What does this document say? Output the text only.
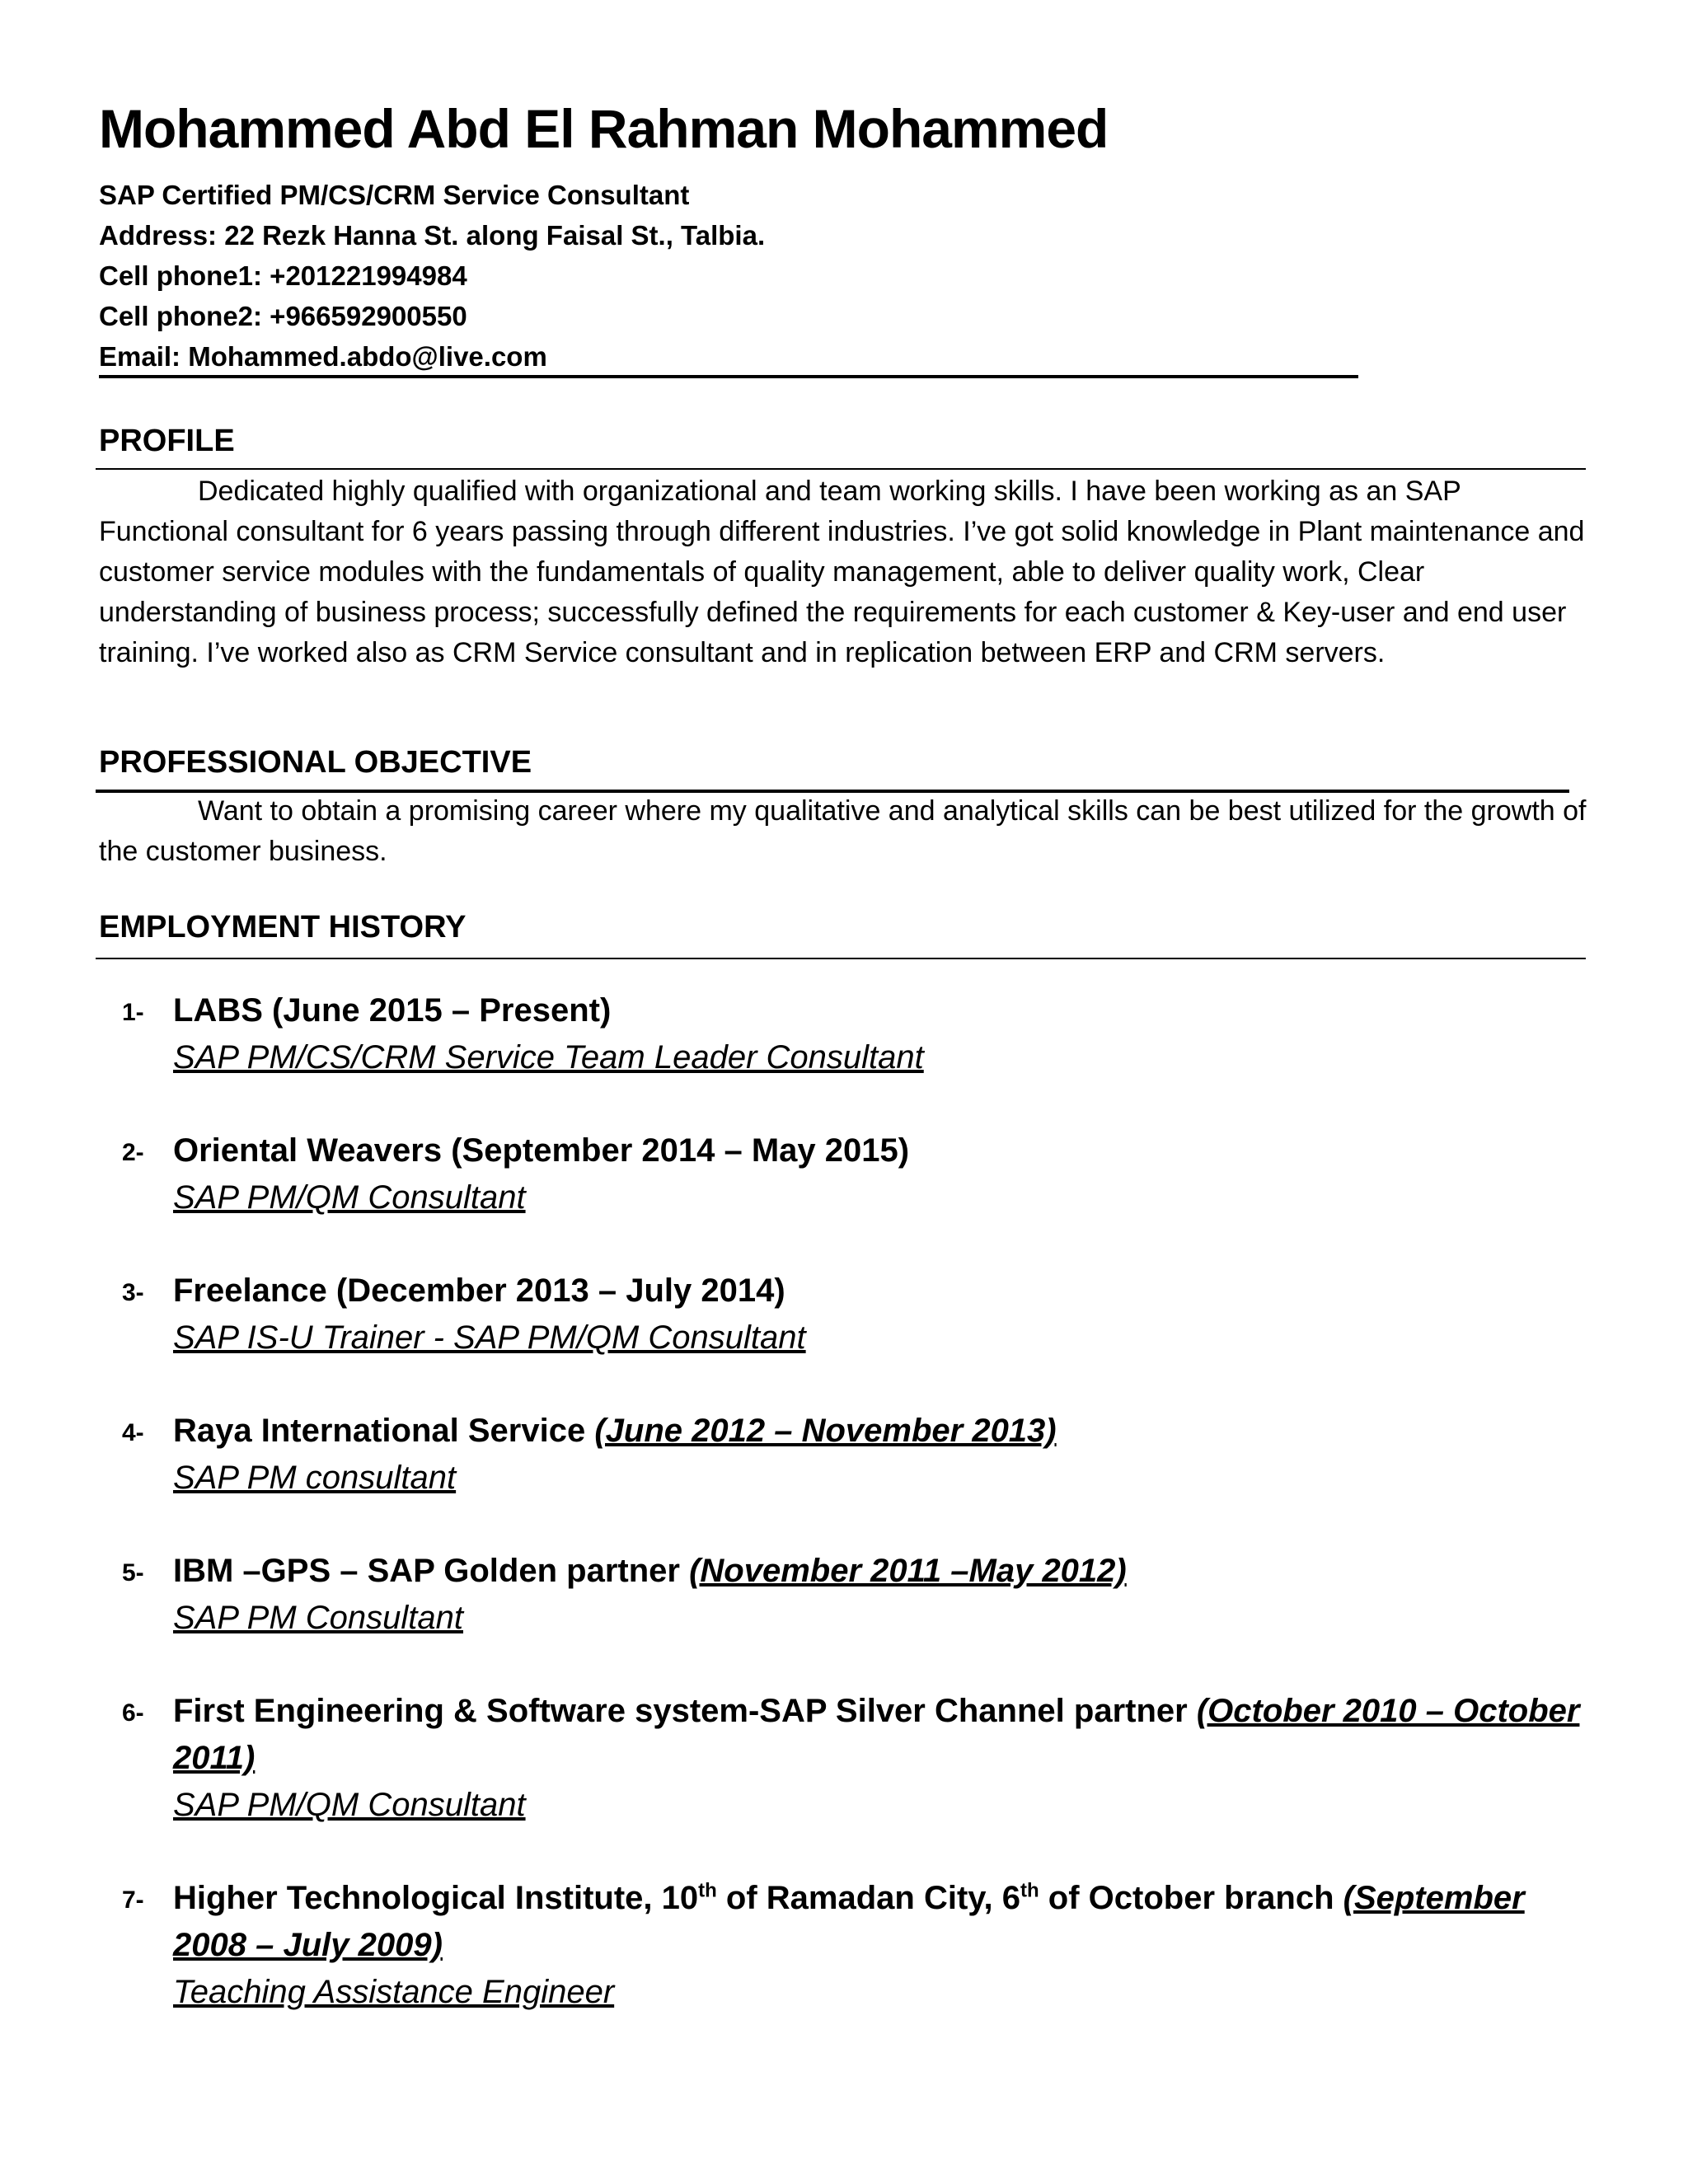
Mohammed Abd El Rahman Mohammed
SAP Certified PM/CS/CRM Service Consultant
Address: 22 Rezk Hanna St. along Faisal St., Talbia.
Cell phone1: +201221994984
Cell phone2: +966592900550
Email: Mohammed.abdo@live.com
PROFILE
Dedicated highly qualified with organizational and team working skills. I have been working as an SAP Functional consultant for 6 years passing through different industries. I’ve got solid knowledge in Plant maintenance and customer service modules with the fundamentals of quality management, able to deliver quality work, Clear understanding of business process; successfully defined the requirements for each customer & Key-user and end user training. I’ve worked also as CRM Service consultant and in replication between ERP and CRM servers.
PROFESSIONAL OBJECTIVE
Want to obtain a promising career where my qualitative and analytical skills can be best utilized for the growth of the customer business.
EMPLOYMENT HISTORY
1- LABS (June 2015 – Present)
SAP PM/CS/CRM Service Team Leader Consultant
2- Oriental Weavers (September 2014 – May 2015)
SAP PM/QM Consultant
3- Freelance (December 2013 – July 2014)
SAP IS-U Trainer - SAP PM/QM Consultant
4- Raya International Service (June 2012 – November 2013)
SAP PM consultant
5- IBM –GPS – SAP Golden partner (November 2011 –May 2012)
SAP PM Consultant
6- First Engineering & Software system-SAP Silver Channel partner (October 2010 – October 2011)
SAP PM/QM Consultant
7- Higher Technological Institute, 10th of Ramadan City, 6th of October branch (September 2008 – July 2009)
Teaching Assistance Engineer
